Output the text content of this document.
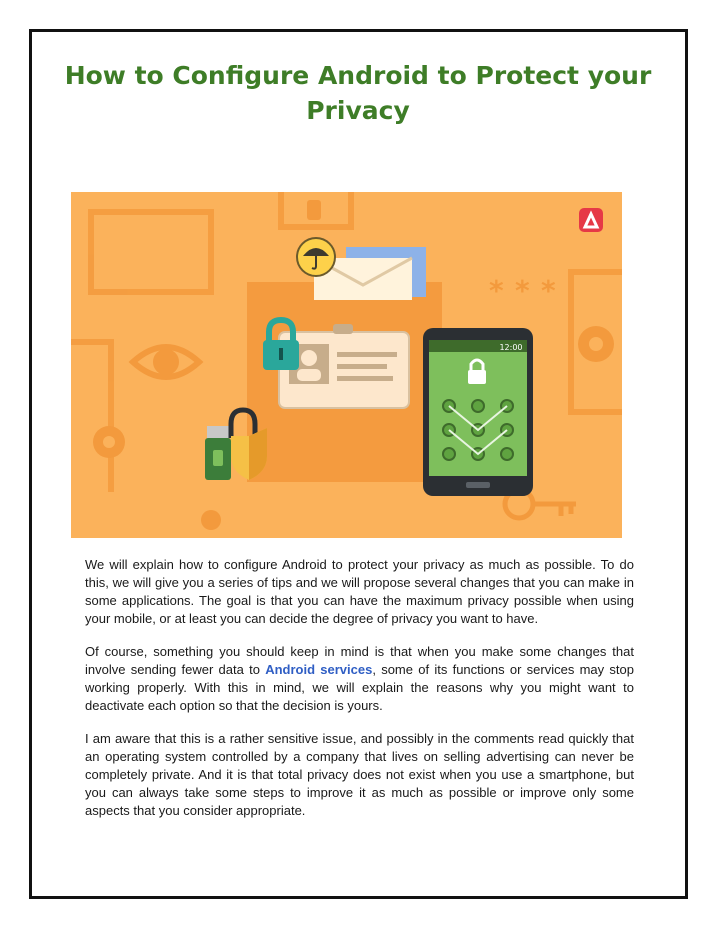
How to Configure Android to Protect your Privacy
* * *
12:00

We will explain how to configure Android to protect your privacy as much as possible. To do this, we will give you a series of tips and we will propose several changes that you can make in some applications. The goal is that you can have the maximum privacy possible when using your mobile, or at least you can decide the degree of privacy you want to have.

Of course, something you should keep in mind is that when you make some changes that involve sending fewer data to Android services, some of its functions or services may stop working properly. With this in mind, we will explain the reasons why you might want to deactivate each option so that the decision is yours.

I am aware that this is a rather sensitive issue, and possibly in the comments read quickly that an operating system controlled by a company that lives on selling advertising can never be completely private. And it is that total privacy does not exist when you use a smartphone, but you can always take some steps to improve it as much as possible or improve only some aspects that you consider appropriate.
